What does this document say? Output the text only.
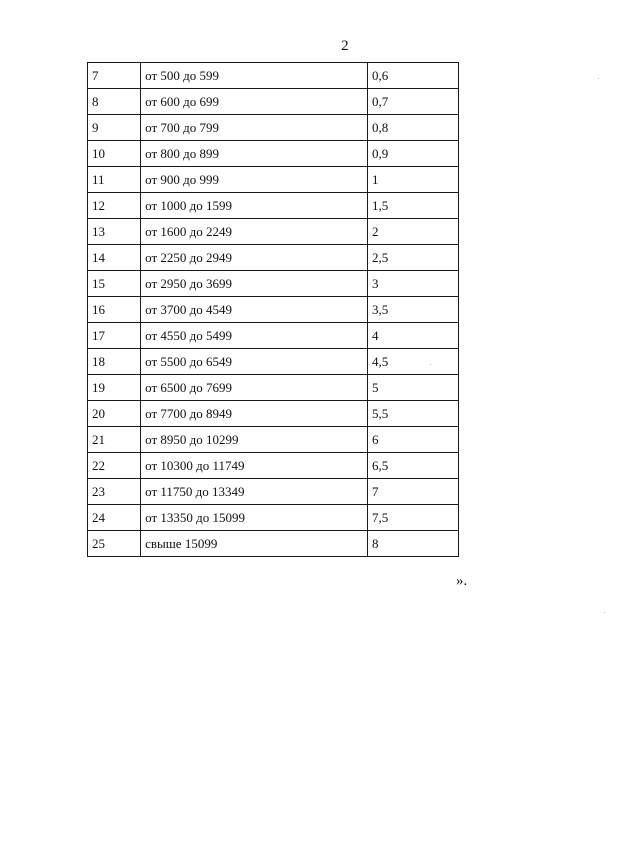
2
7	от 500 до 599	0,6
8	от 600 до 699	0,7
9	от 700 до 799	0,8
10	от 800 до 899	0,9
11	от 900 до 999	1
12	от 1000 до 1599	1,5
13	от 1600 до 2249	2
14	от 2250 до 2949	2,5
15	от 2950 до 3699	3
16	от 3700 до 4549	3,5
17	от 4550 до 5499	4
18	от 5500 до 6549	4,5
19	от 6500 до 7699	5
20	от 7700 до 8949	5,5
21	от 8950 до 10299	6
22	от 10300 до 11749	6,5
23	от 11750 до 13349	7
24	от 13350 до 15099	7,5
25	свыше 15099	8
».
